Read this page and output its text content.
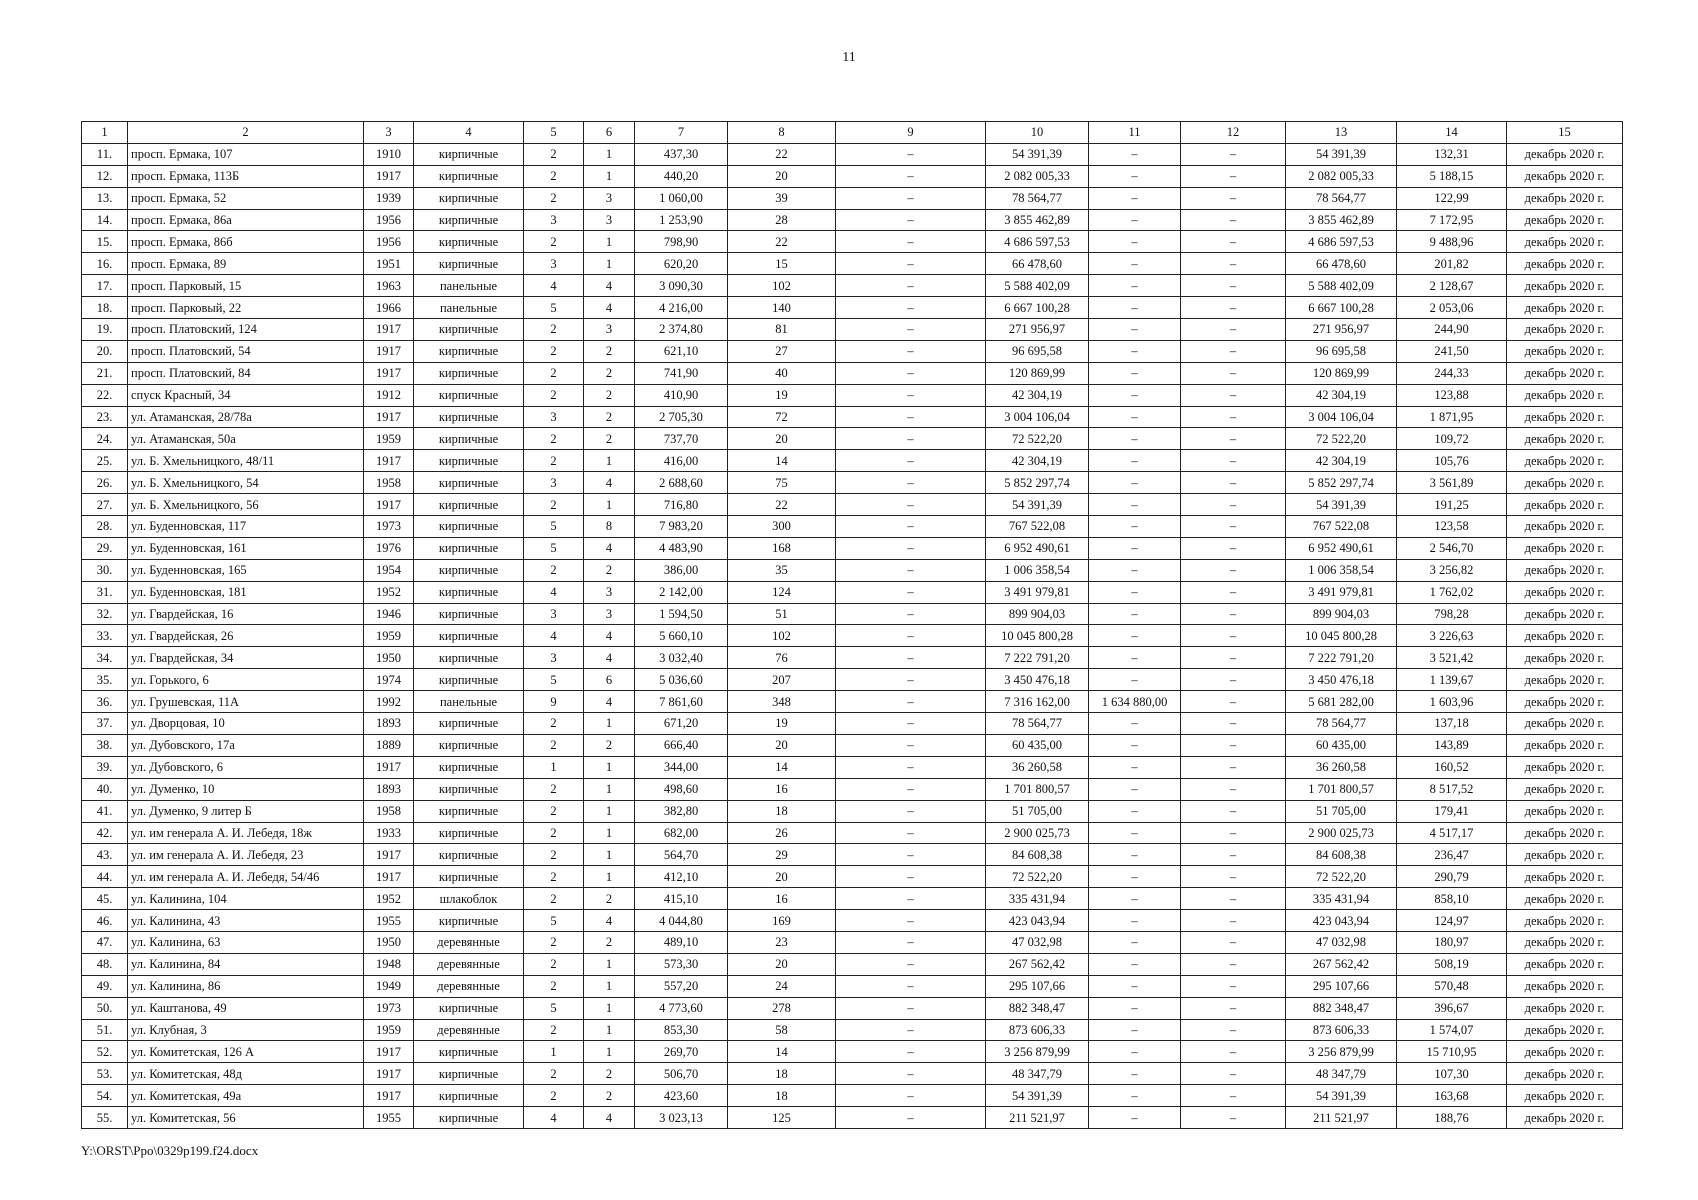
11
1	2	3	4	5	6	7	8	9	10	11	12	13	14	15
11.	просп. Ермака, 107	1910	кирпичные	2	1	437,30	22	–	54 391,39	–	–	54 391,39	132,31	декабрь 2020 г.
12.	просп. Ермака, 113Б	1917	кирпичные	2	1	440,20	20	–	2 082 005,33	–	–	2 082 005,33	5 188,15	декабрь 2020 г.
13.	просп. Ермака, 52	1939	кирпичные	2	3	1 060,00	39	–	78 564,77	–	–	78 564,77	122,99	декабрь 2020 г.
14.	просп. Ермака, 86а	1956	кирпичные	3	3	1 253,90	28	–	3 855 462,89	–	–	3 855 462,89	7 172,95	декабрь 2020 г.
15.	просп. Ермака, 86б	1956	кирпичные	2	1	798,90	22	–	4 686 597,53	–	–	4 686 597,53	9 488,96	декабрь 2020 г.
16.	просп. Ермака, 89	1951	кирпичные	3	1	620,20	15	–	66 478,60	–	–	66 478,60	201,82	декабрь 2020 г.
17.	просп. Парковый, 15	1963	панельные	4	4	3 090,30	102	–	5 588 402,09	–	–	5 588 402,09	2 128,67	декабрь 2020 г.
18.	просп. Парковый, 22	1966	панельные	5	4	4 216,00	140	–	6 667 100,28	–	–	6 667 100,28	2 053,06	декабрь 2020 г.
19.	просп. Платовский, 124	1917	кирпичные	2	3	2 374,80	81	–	271 956,97	–	–	271 956,97	244,90	декабрь 2020 г.
20.	просп. Платовский, 54	1917	кирпичные	2	2	621,10	27	–	96 695,58	–	–	96 695,58	241,50	декабрь 2020 г.
21.	просп. Платовский, 84	1917	кирпичные	2	2	741,90	40	–	120 869,99	–	–	120 869,99	244,33	декабрь 2020 г.
22.	спуск Красный, 34	1912	кирпичные	2	2	410,90	19	–	42 304,19	–	–	42 304,19	123,88	декабрь 2020 г.
23.	ул. Атаманская, 28/78а	1917	кирпичные	3	2	2 705,30	72	–	3 004 106,04	–	–	3 004 106,04	1 871,95	декабрь 2020 г.
24.	ул. Атаманская, 50а	1959	кирпичные	2	2	737,70	20	–	72 522,20	–	–	72 522,20	109,72	декабрь 2020 г.
25.	ул. Б. Хмельницкого, 48/11	1917	кирпичные	2	1	416,00	14	–	42 304,19	–	–	42 304,19	105,76	декабрь 2020 г.
26.	ул. Б. Хмельницкого, 54	1958	кирпичные	3	4	2 688,60	75	–	5 852 297,74	–	–	5 852 297,74	3 561,89	декабрь 2020 г.
27.	ул. Б. Хмельницкого, 56	1917	кирпичные	2	1	716,80	22	–	54 391,39	–	–	54 391,39	191,25	декабрь 2020 г.
28.	ул. Буденновская, 117	1973	кирпичные	5	8	7 983,20	300	–	767 522,08	–	–	767 522,08	123,58	декабрь 2020 г.
29.	ул. Буденновская, 161	1976	кирпичные	5	4	4 483,90	168	–	6 952 490,61	–	–	6 952 490,61	2 546,70	декабрь 2020 г.
30.	ул. Буденновская, 165	1954	кирпичные	2	2	386,00	35	–	1 006 358,54	–	–	1 006 358,54	3 256,82	декабрь 2020 г.
31.	ул. Буденновская, 181	1952	кирпичные	4	3	2 142,00	124	–	3 491 979,81	–	–	3 491 979,81	1 762,02	декабрь 2020 г.
32.	ул. Гвардейская, 16	1946	кирпичные	3	3	1 594,50	51	–	899 904,03	–	–	899 904,03	798,28	декабрь 2020 г.
33.	ул. Гвардейская, 26	1959	кирпичные	4	4	5 660,10	102	–	10 045 800,28	–	–	10 045 800,28	3 226,63	декабрь 2020 г.
34.	ул. Гвардейская, 34	1950	кирпичные	3	4	3 032,40	76	–	7 222 791,20	–	–	7 222 791,20	3 521,42	декабрь 2020 г.
35.	ул. Горького, 6	1974	кирпичные	5	6	5 036,60	207	–	3 450 476,18	–	–	3 450 476,18	1 139,67	декабрь 2020 г.
36.	ул. Грушевская, 11А	1992	панельные	9	4	7 861,60	348	–	7 316 162,00	1 634 880,00	–	5 681 282,00	1 603,96	декабрь 2020 г.
37.	ул. Дворцовая, 10	1893	кирпичные	2	1	671,20	19	–	78 564,77	–	–	78 564,77	137,18	декабрь 2020 г.
38.	ул. Дубовского, 17а	1889	кирпичные	2	2	666,40	20	–	60 435,00	–	–	60 435,00	143,89	декабрь 2020 г.
39.	ул. Дубовского, 6	1917	кирпичные	1	1	344,00	14	–	36 260,58	–	–	36 260,58	160,52	декабрь 2020 г.
40.	ул. Думенко, 10	1893	кирпичные	2	1	498,60	16	–	1 701 800,57	–	–	1 701 800,57	8 517,52	декабрь 2020 г.
41.	ул. Думенко, 9 литер Б	1958	кирпичные	2	1	382,80	18	–	51 705,00	–	–	51 705,00	179,41	декабрь 2020 г.
42.	ул. им генерала А. И. Лебедя, 18ж	1933	кирпичные	2	1	682,00	26	–	2 900 025,73	–	–	2 900 025,73	4 517,17	декабрь 2020 г.
43.	ул. им генерала А. И. Лебедя, 23	1917	кирпичные	2	1	564,70	29	–	84 608,38	–	–	84 608,38	236,47	декабрь 2020 г.
44.	ул. им генерала А. И. Лебедя, 54/46	1917	кирпичные	2	1	412,10	20	–	72 522,20	–	–	72 522,20	290,79	декабрь 2020 г.
45.	ул. Калинина, 104	1952	шлакоблок	2	2	415,10	16	–	335 431,94	–	–	335 431,94	858,10	декабрь 2020 г.
46.	ул. Калинина, 43	1955	кирпичные	5	4	4 044,80	169	–	423 043,94	–	–	423 043,94	124,97	декабрь 2020 г.
47.	ул. Калинина, 63	1950	деревянные	2	2	489,10	23	–	47 032,98	–	–	47 032,98	180,97	декабрь 2020 г.
48.	ул. Калинина, 84	1948	деревянные	2	1	573,30	20	–	267 562,42	–	–	267 562,42	508,19	декабрь 2020 г.
49.	ул. Калинина, 86	1949	деревянные	2	1	557,20	24	–	295 107,66	–	–	295 107,66	570,48	декабрь 2020 г.
50.	ул. Каштанова, 49	1973	кирпичные	5	1	4 773,60	278	–	882 348,47	–	–	882 348,47	396,67	декабрь 2020 г.
51.	ул. Клубная, 3	1959	деревянные	2	1	853,30	58	–	873 606,33	–	–	873 606,33	1 574,07	декабрь 2020 г.
52.	ул. Комитетская, 126 А	1917	кирпичные	1	1	269,70	14	–	3 256 879,99	–	–	3 256 879,99	15 710,95	декабрь 2020 г.
53.	ул. Комитетская, 48д	1917	кирпичные	2	2	506,70	18	–	48 347,79	–	–	48 347,79	107,30	декабрь 2020 г.
54.	ул. Комитетская, 49а	1917	кирпичные	2	2	423,60	18	–	54 391,39	–	–	54 391,39	163,68	декабрь 2020 г.
55.	ул. Комитетская, 56	1955	кирпичные	4	4	3 023,13	125	–	211 521,97	–	–	211 521,97	188,76	декабрь 2020 г.
Y:\ORST\Ppo\0329p199.f24.docx
